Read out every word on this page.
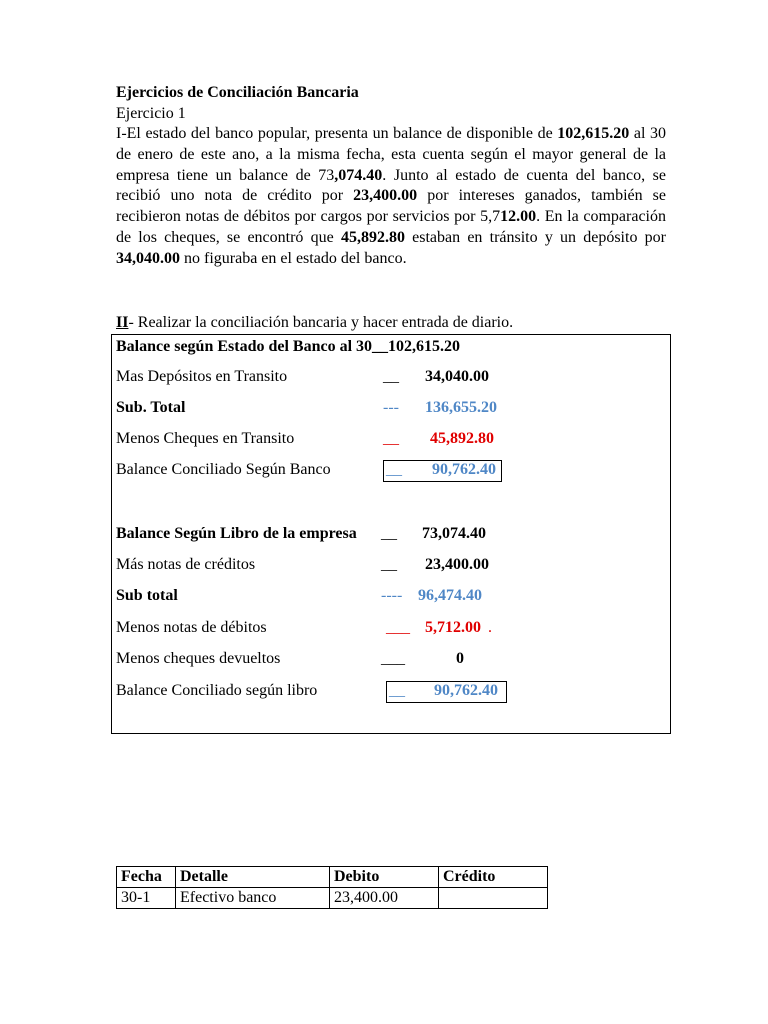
Ejercicios de Conciliación Bancaria
Ejercicio 1
I-El estado del banco popular, presenta un balance de disponible de 102,615.20 al 30 de enero de este ano, a la misma fecha, esta cuenta según el mayor general de la empresa tiene un balance de 73,074.40. Junto al estado de cuenta del banco, se recibió uno nota de crédito por 23,400.00 por intereses ganados, también se recibieron notas de débitos por cargos por servicios por 5,712.00. En la comparación de los cheques, se encontró que 45,892.80 estaban en tránsito y un depósito por 34,040.00 no figuraba en el estado del banco.
II- Realizar la conciliación bancaria y hacer entrada de diario.
Balance según Estado del Banco al 30__102,615.20
Mas Depósitos en Transito	__ 34,040.00
Sub. Total	--- 136,655.20
Menos Cheques en Transito	__ 45,892.80
Balance Conciliado Según Banco	__ 90,762.40
Balance Según Libro de la empresa __ 73,074.40
Más notas de créditos	__ 23,400.00
Sub total	---- 96,474.40
Menos notas de débitos	___ 5,712.00 .
Menos cheques devueltos	___	0
Balance Conciliado según libro	__ 90,762.40
Fecha	Detalle	Debito	Crédito
30-1	Efectivo banco	23,400.00	
